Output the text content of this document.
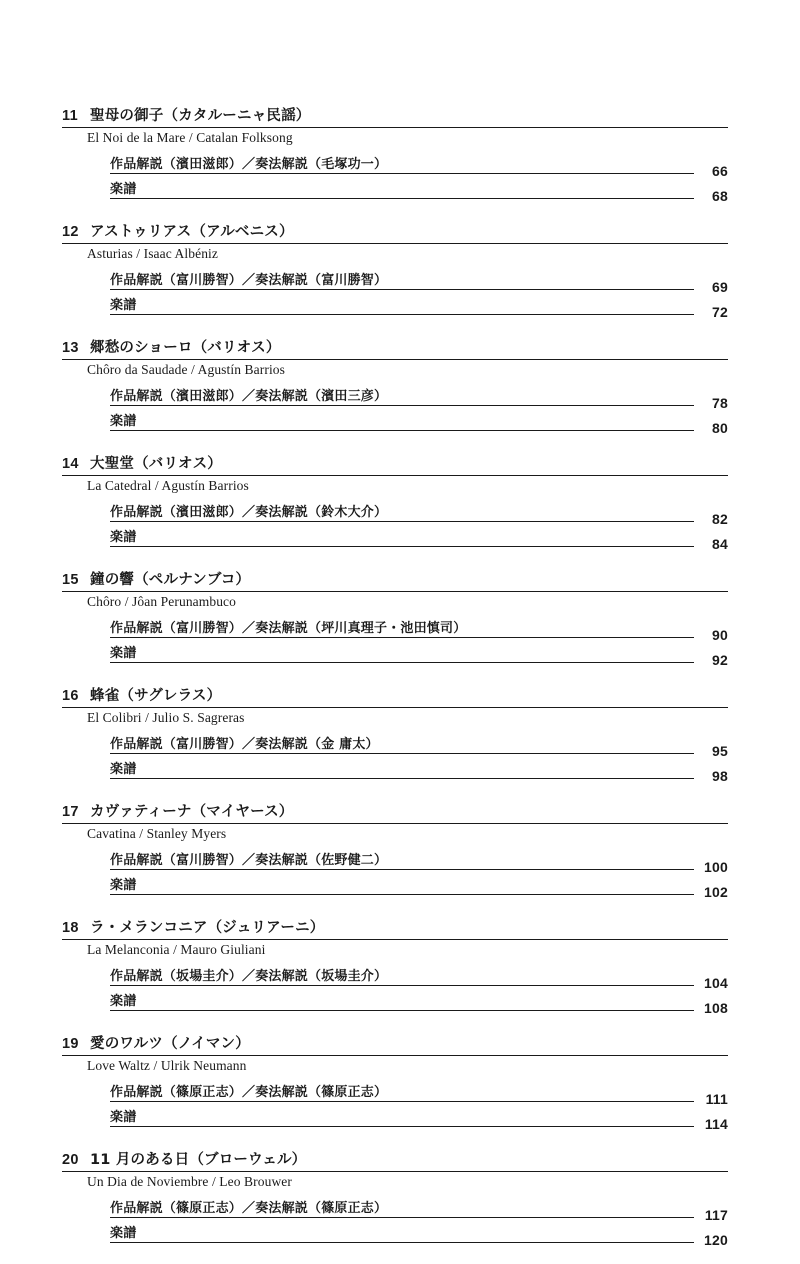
11 聖母の御子（カタルーニャ民謡）
El Noi de la Mare / Catalan Folksong
作品解説（濱田滋郎）／奏法解説（毛塚功一）	66
楽譜	68
12 アストゥリアス（アルベニス）
Asturias / Isaac Albéniz
作品解説（富川勝智）／奏法解説（富川勝智）	69
楽譜	72
13 郷愁のショーロ（バリオス）
Chôro da Saudade / Agustín Barrios
作品解説（濱田滋郎）／奏法解説（濱田三彦）	78
楽譜	80
14 大聖堂（バリオス）
La Catedral / Agustín Barrios
作品解説（濱田滋郎）／奏法解説（鈴木大介）	82
楽譜	84
15 鐘の響（ペルナンブコ）
Chôro / Jôan Perunambuco
作品解説（富川勝智）／奏法解説（坪川真理子・池田慎司）	90
楽譜	92
16 蜂雀（サグレラス）
El Colibri / Julio S. Sagreras
作品解説（富川勝智）／奏法解説（金 庸太）	95
楽譜	98
17 カヴァティーナ（マイヤース）
Cavatina / Stanley Myers
作品解説（富川勝智）／奏法解説（佐野健二）	100
楽譜	102
18 ラ・メランコニア（ジュリアーニ）
La Melanconia / Mauro Giuliani
作品解説（坂場圭介）／奏法解説（坂場圭介）	104
楽譜	108
19 愛のワルツ（ノイマン）
Love Waltz / Ulrik Neumann
作品解説（篠原正志）／奏法解説（篠原正志）	111
楽譜	114
20 11 月のある日（ブローウェル）
Un Dia de Noviembre / Leo Brouwer
作品解説（篠原正志）／奏法解説（篠原正志）	117
楽譜	120
